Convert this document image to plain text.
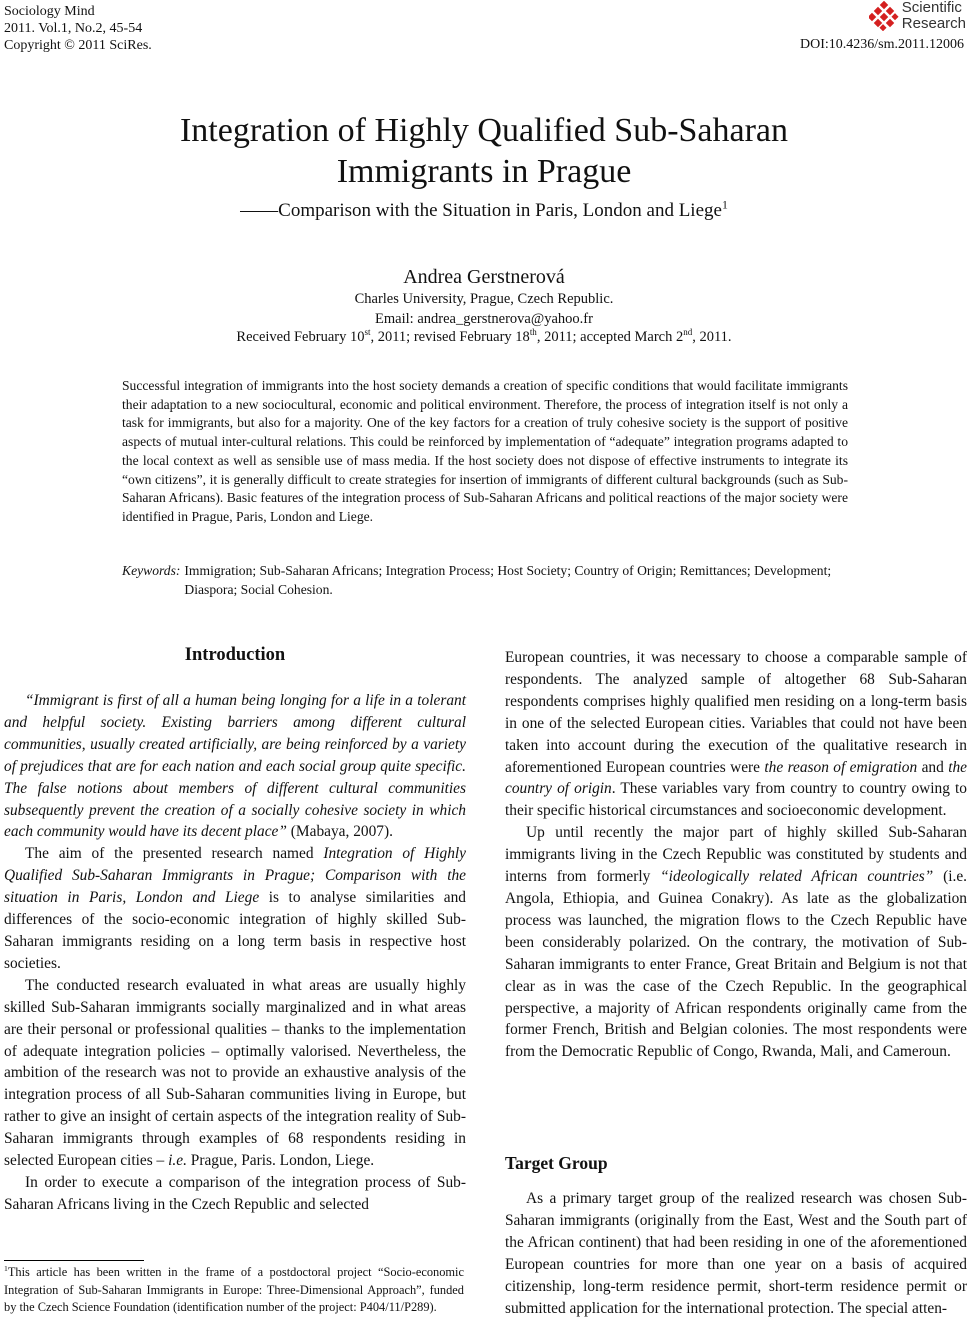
Sociology Mind
2011. Vol.1, No.2, 45-54
Copyright © 2011 SciRes.
Scientific
Research
DOI:10.4236/sm.2011.12006
Integration of Highly Qualified Sub-Saharan
Immigrants in Prague
——Comparison with the Situation in Paris, London and Liege$^1$
Andrea Gerstnerová
Charles University, Prague, Czech Republic.
Email: andrea_gerstnerova@yahoo.fr
Received February 10st, 2011; revised February 18th, 2011; accepted March 2nd, 2011.
Successful integration of immigrants into the host society demands a creation of specific conditions that would facilitate immigrants their adaptation to a new sociocultural, economic and political environment. Therefore, the process of integration itself is not only a task for immigrants, but also for a majority. One of the key factors for a creation of truly cohesive society is the support of positive aspects of mutual inter-cultural relations. This could be reinforced by implementation of “adequate” integration programs adapted to the local context as well as sensible use of mass media. If the host society does not dispose of effective instruments to integrate its “own citizens”, it is generally difficult to create strategies for insertion of immigrants of different cultural backgrounds (such as Sub-Saharan Africans). Basic features of the integration process of Sub-Saharan Africans and political reactions of the major society were identified in Prague, Paris, London and Liege.
Keywords: Immigration; Sub-Saharan Africans; Integration Process; Host Society; Country of Origin; Remittances; Development; Diaspora; Social Cohesion.
Introduction

“Immigrant is first of all a human being longing for a life in a tolerant and helpful society. Existing barriers among different cultural communities, usually created artificially, are being reinforced by a variety of prejudices that are for each nation and each social group quite specific. The false notions about members of different cultural communities subsequently prevent the creation of a socially cohesive society in which each community would have its decent place” (Mabaya, 2007).

The aim of the presented research named Integration of Highly Qualified Sub-Saharan Immigrants in Prague; Comparison with the situation in Paris, London and Liege is to analyse similarities and differences of the socio-economic integration of highly skilled Sub-Saharan immigrants residing on a long term basis in respective host societies.

The conducted research evaluated in what areas are usually highly skilled Sub-Saharan immigrants socially marginalized and in what areas are their personal or professional qualities – thanks to the implementation of adequate integration policies – optimally valorised. Nevertheless, the ambition of the research was not to provide an exhaustive analysis of the integration process of all Sub-Saharan communities living in Europe, but rather to give an insight of certain aspects of the integration reality of Sub-Saharan immigrants through examples of 68 respondents residing in selected European cities – i.e. Prague, Paris. London, Liege.

In order to execute a comparison of the integration process of Sub-Saharan Africans living in the Czech Republic and selected

$^1$This article has been written in the frame of a postdoctoral project “Socio-economic Integration of Sub-Saharan Immigrants in Europe: Three-Dimensional Approach”, funded by the Czech Science Foundation (identification number of the project: P404/11/P289).

European countries, it was necessary to choose a comparable sample of respondents. The analyzed sample of altogether 68 Sub-Saharan respondents comprises highly qualified men residing on a long-term basis in one of the selected European cities. Variables that could not have been taken into account during the execution of the qualitative research in aforementioned European countries were the reason of emigration and the country of origin. These variables vary from country to country owing to their specific historical circumstances and socioeconomic development.

Up until recently the major part of highly skilled Sub-Saharan immigrants living in the Czech Republic was constituted by students and interns from formerly “ideologically related African countries” (i.e. Angola, Ethiopia, and Guinea Conakry). As late as the globalization process was launched, the migration flows to the Czech Republic have been considerably polarized. On the contrary, the motivation of Sub-Saharan immigrants to enter France, Great Britain and Belgium is not that clear as in was the case of the Czech Republic. In the geographical perspective, a majority of African respondents originally came from the former French, British and Belgian colonies. The most respondents were from the Democratic Republic of Congo, Rwanda, Mali, and Cameroun.

Target Group

As a primary target group of the realized research was chosen Sub-Saharan immigrants (originally from the East, West and the South part of the African continent) that had been residing in one of the aforementioned European countries for more than one year on a basis of acquired citizenship, long-term residence permit, short-term residence permit or submitted application for the international protection. The special atten-
